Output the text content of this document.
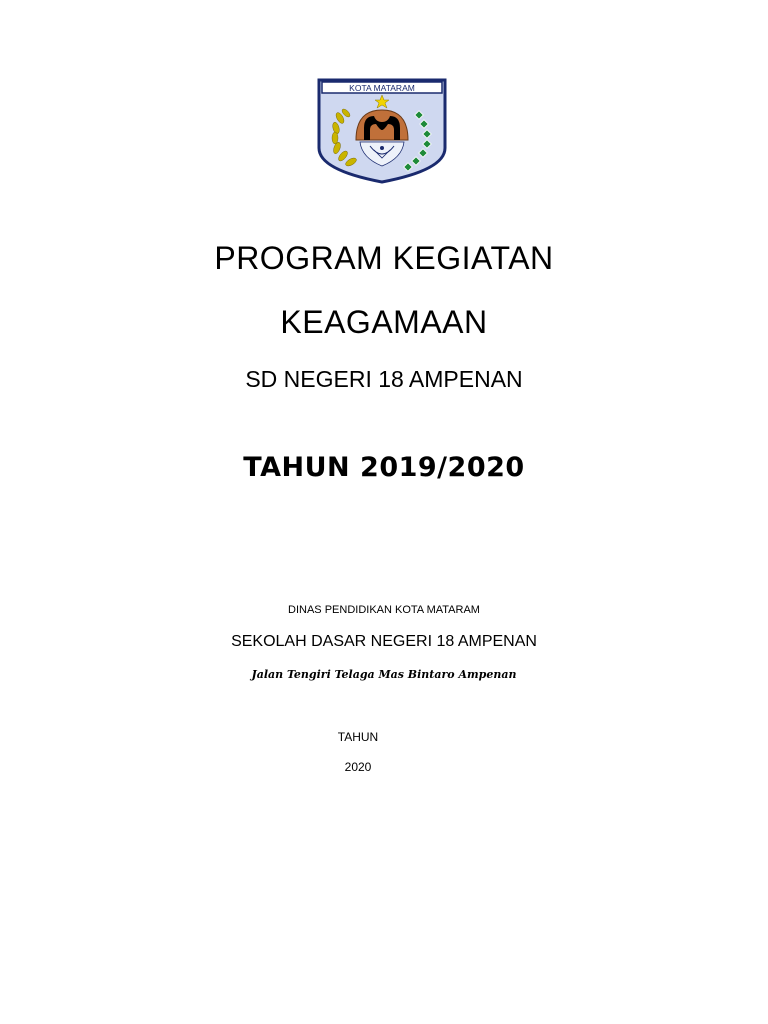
KOTA MATARAM

PROGRAM KEGIATAN

KEAGAMAAN

SD NEGERI 18 AMPENAN

TAHUN 2019/2020

DINAS PENDIDIKAN KOTA MATARAM

SEKOLAH DASAR NEGERI 18 AMPENAN

Jalan Tengiri Telaga Mas Bintaro Ampenan

TAHUN

2020
